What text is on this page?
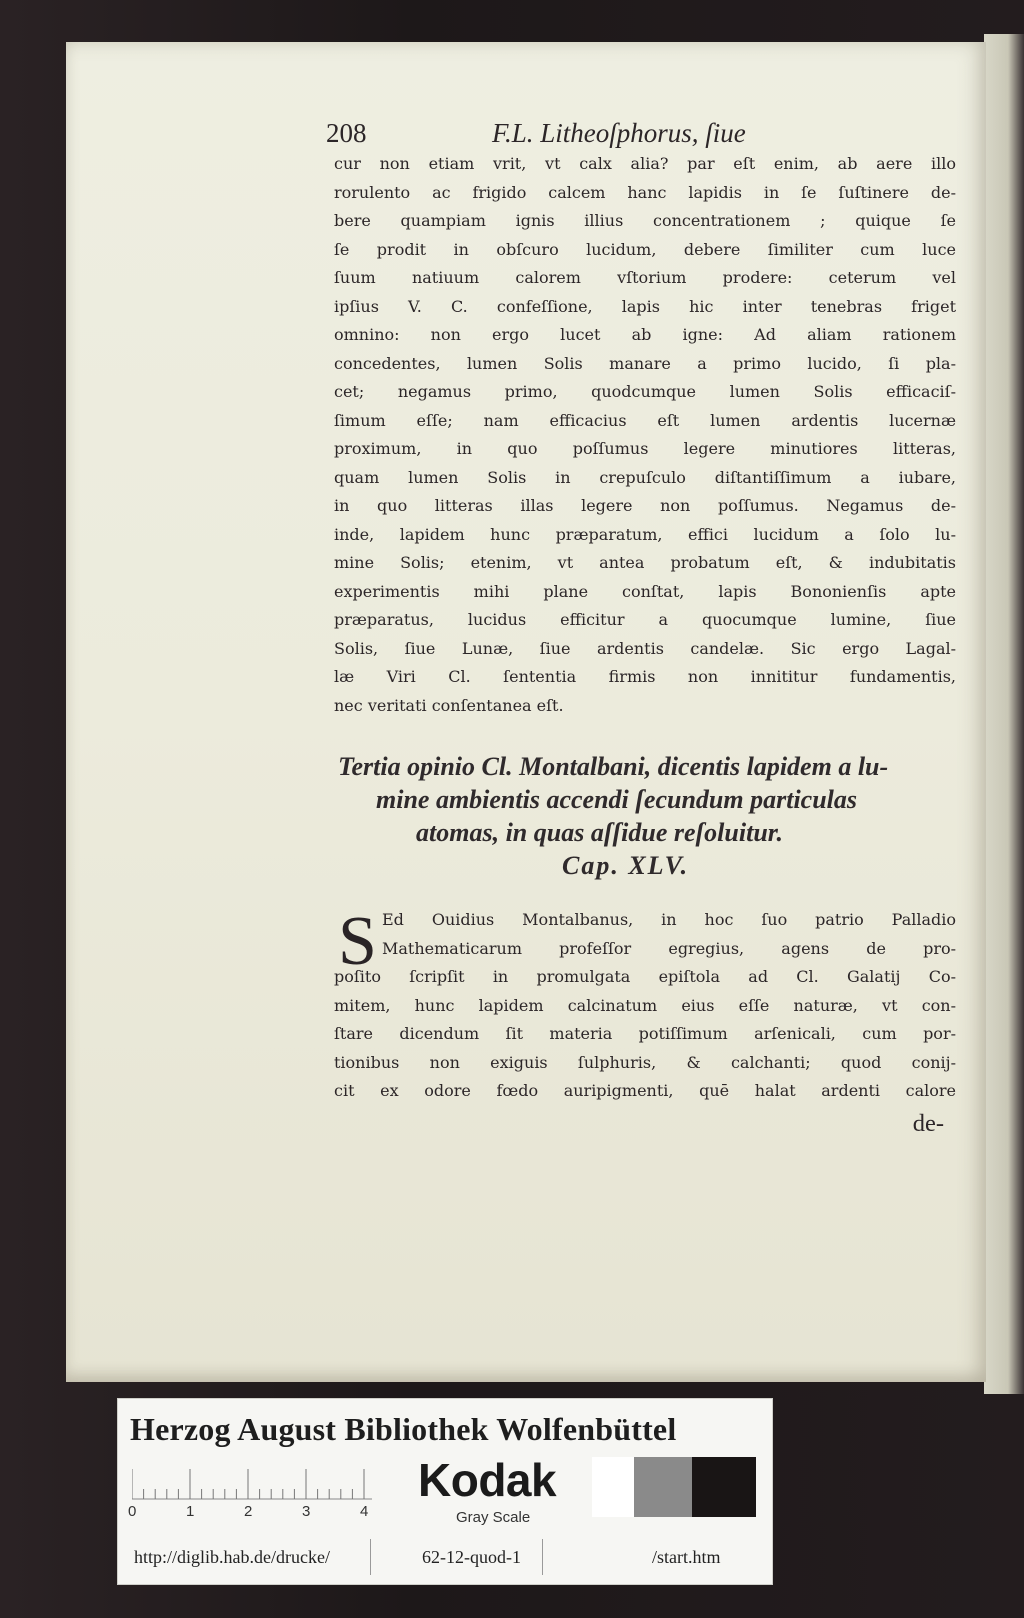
208	F.L. Litheoſphorus, ſiue
cur non etiam vrit, vt calx alia? par eſt enim, ab aere illo
rorulento ac frigido calcem hanc lapidis in ſe ſuſtinere de-
bere quampiam ignis illius concentrationem ; quique ſe
ſe prodit in obſcuro lucidum, debere ſimiliter cum luce
ſuum natiuum calorem vſtorium prodere: ceterum vel
ipſius V. C. confeſſione, lapis hic inter tenebras friget
omnino: non ergo lucet ab igne: Ad aliam rationem
concedentes, lumen Solis manare a primo lucido, ſi pla-
cet; negamus primo, quodcumque lumen Solis efficaciſ-
ſimum eſſe; nam efficacius eſt lumen ardentis lucernæ
proximum, in quo poſſumus legere minutiores litteras,
quam lumen Solis in crepuſculo diſtantiſſimum a iubare,
in quo litteras illas legere non poſſumus. Negamus de-
inde, lapidem hunc præparatum, effici lucidum a ſolo lu-
mine Solis; etenim, vt antea probatum eſt, & indubitatis
experimentis mihi plane conſtat, lapis Bononienſis apte
præparatus, lucidus efficitur a quocumque lumine, ſiue
Solis, ſiue Lunæ, ſiue ardentis candelæ. Sic ergo Lagal-
læ Viri Cl. ſententia firmis non innititur fundamentis,
nec veritati conſentanea eſt.
Tertia opinio Cl. Montalbani, dicentis lapidem a lu-
mine ambientis accendi ſecundum particulas
atomas, in quas aſſidue reſoluitur.
Cap. XLV.
S Ed Ouidius Montalbanus, in hoc ſuo patrio Palladio
Mathematicarum profeſſor egregius, agens de pro-
poſito ſcripſit in promulgata epiſtola ad Cl. Galatij Co-
mitem, hunc lapidem calcinatum eius eſſe naturæ, vt con-
ſtare dicendum ſit materia potiſſimum arſenicali, cum por-
tionibus non exiguis ſulphuris, & calchanti; quod conij-
cit ex odore fœdo auripigmenti, quē halat ardenti calore
de-
Herzog August Bibliothek Wolfenbüttel
0	1	2	3	4
Kodak
Gray Scale
http://diglib.hab.de/drucke/	62-12-quod-1	/start.htm
